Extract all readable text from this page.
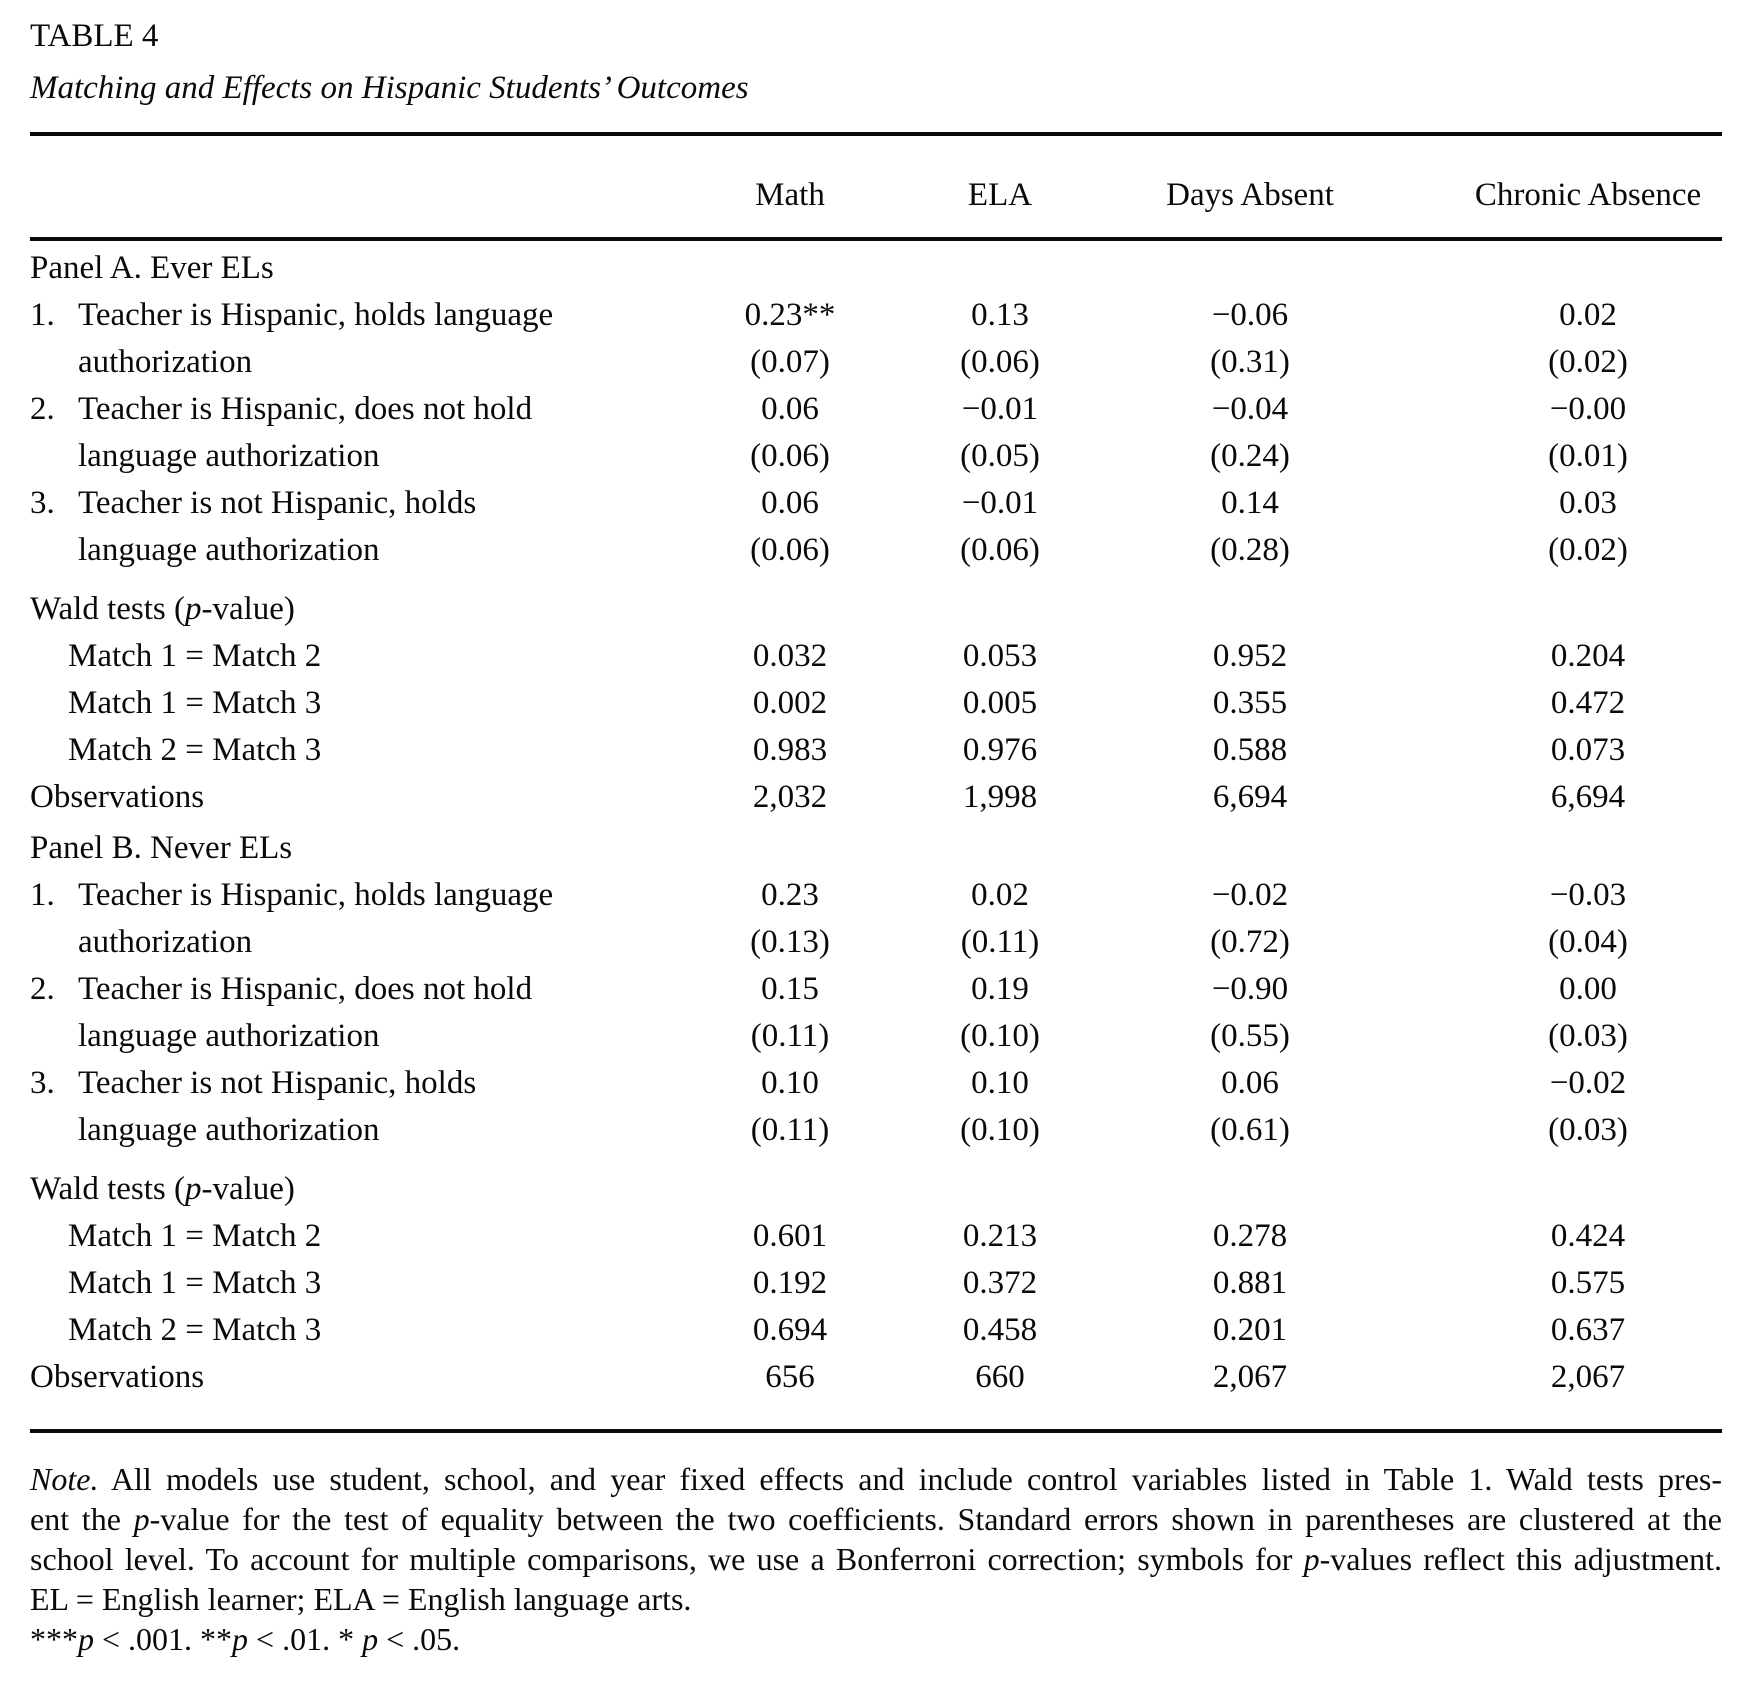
TABLE 4
Matching and Effects on Hispanic Students’ Outcomes
	Math	ELA	Days Absent	Chronic Absence
Panel A. Ever ELs				
1. Teacher is Hispanic, holds language	0.23**	0.13	−0.06	0.02

authorization	(0.07)	(0.06)	(0.31)	(0.02)
2. Teacher is Hispanic, does not hold	0.06	−0.01	−0.04	−0.00

language authorization	(0.06)	(0.05)	(0.24)	(0.01)
3. Teacher is not Hispanic, holds	0.06	−0.01	0.14	0.03

language authorization	(0.06)	(0.06)	(0.28)	(0.02)
Wald tests (p-value)				

Match 1 = Match 2	0.032	0.053	0.952	0.204

Match 1 = Match 3	0.002	0.005	0.355	0.472

Match 2 = Match 3	0.983	0.976	0.588	0.073
Observations	2,032	1,998	6,694	6,694
Panel B. Never ELs				
1. Teacher is Hispanic, holds language	0.23	0.02	−0.02	−0.03

authorization	(0.13)	(0.11)	(0.72)	(0.04)
2. Teacher is Hispanic, does not hold	0.15	0.19	−0.90	0.00

language authorization	(0.11)	(0.10)	(0.55)	(0.03)
3. Teacher is not Hispanic, holds	0.10	0.10	0.06	−0.02

language authorization	(0.11)	(0.10)	(0.61)	(0.03)
Wald tests (p-value)				

Match 1 = Match 2	0.601	0.213	0.278	0.424

Match 1 = Match 3	0.192	0.372	0.881	0.575

Match 2 = Match 3	0.694	0.458	0.201	0.637
Observations	656	660	2,067	2,067
Note. All models use student, school, and year fixed effects and include control variables listed in Table 1. Wald tests pres-
ent the p-value for the test of equality between the two coefficients. Standard errors shown in parentheses are clustered at the
school level. To account for multiple comparisons, we use a Bonferroni correction; symbols for p-values reflect this adjustment.
EL = English learner; ELA = English language arts.
***p < .001. **p < .01. * p < .05.
